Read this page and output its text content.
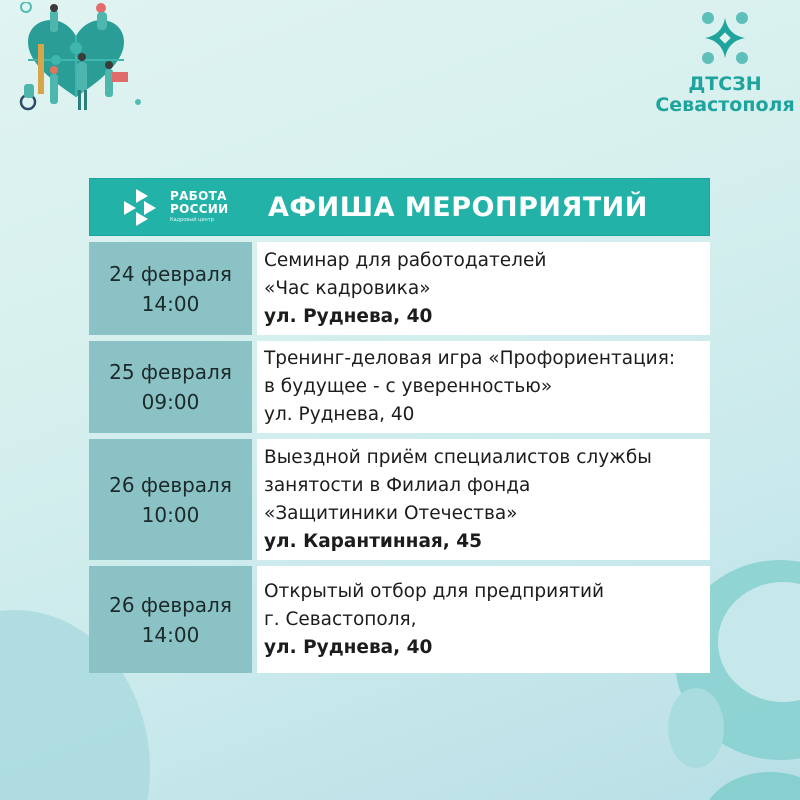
ДТСЗН
Севастополя
РАБОТА
РОССИИ
Кадровый центр	АФИША МЕРОПРИЯТИЙ
24 февраля
14:00
Семинар для работодателей
«Час кадровика»
ул. Руднева, 40
25 февраля
09:00
Тренинг-деловая игра «Профориентация:
в будущее - с уверенностью»
ул. Руднева, 40
26 февраля
10:00
Выездной приём специалистов службы
занятости в Филиал фонда
«Защитиники Отечества»
ул. Карантинная, 45
26 февраля
14:00
Открытый отбор для предприятий
г. Севастополя,
ул. Руднева, 40
